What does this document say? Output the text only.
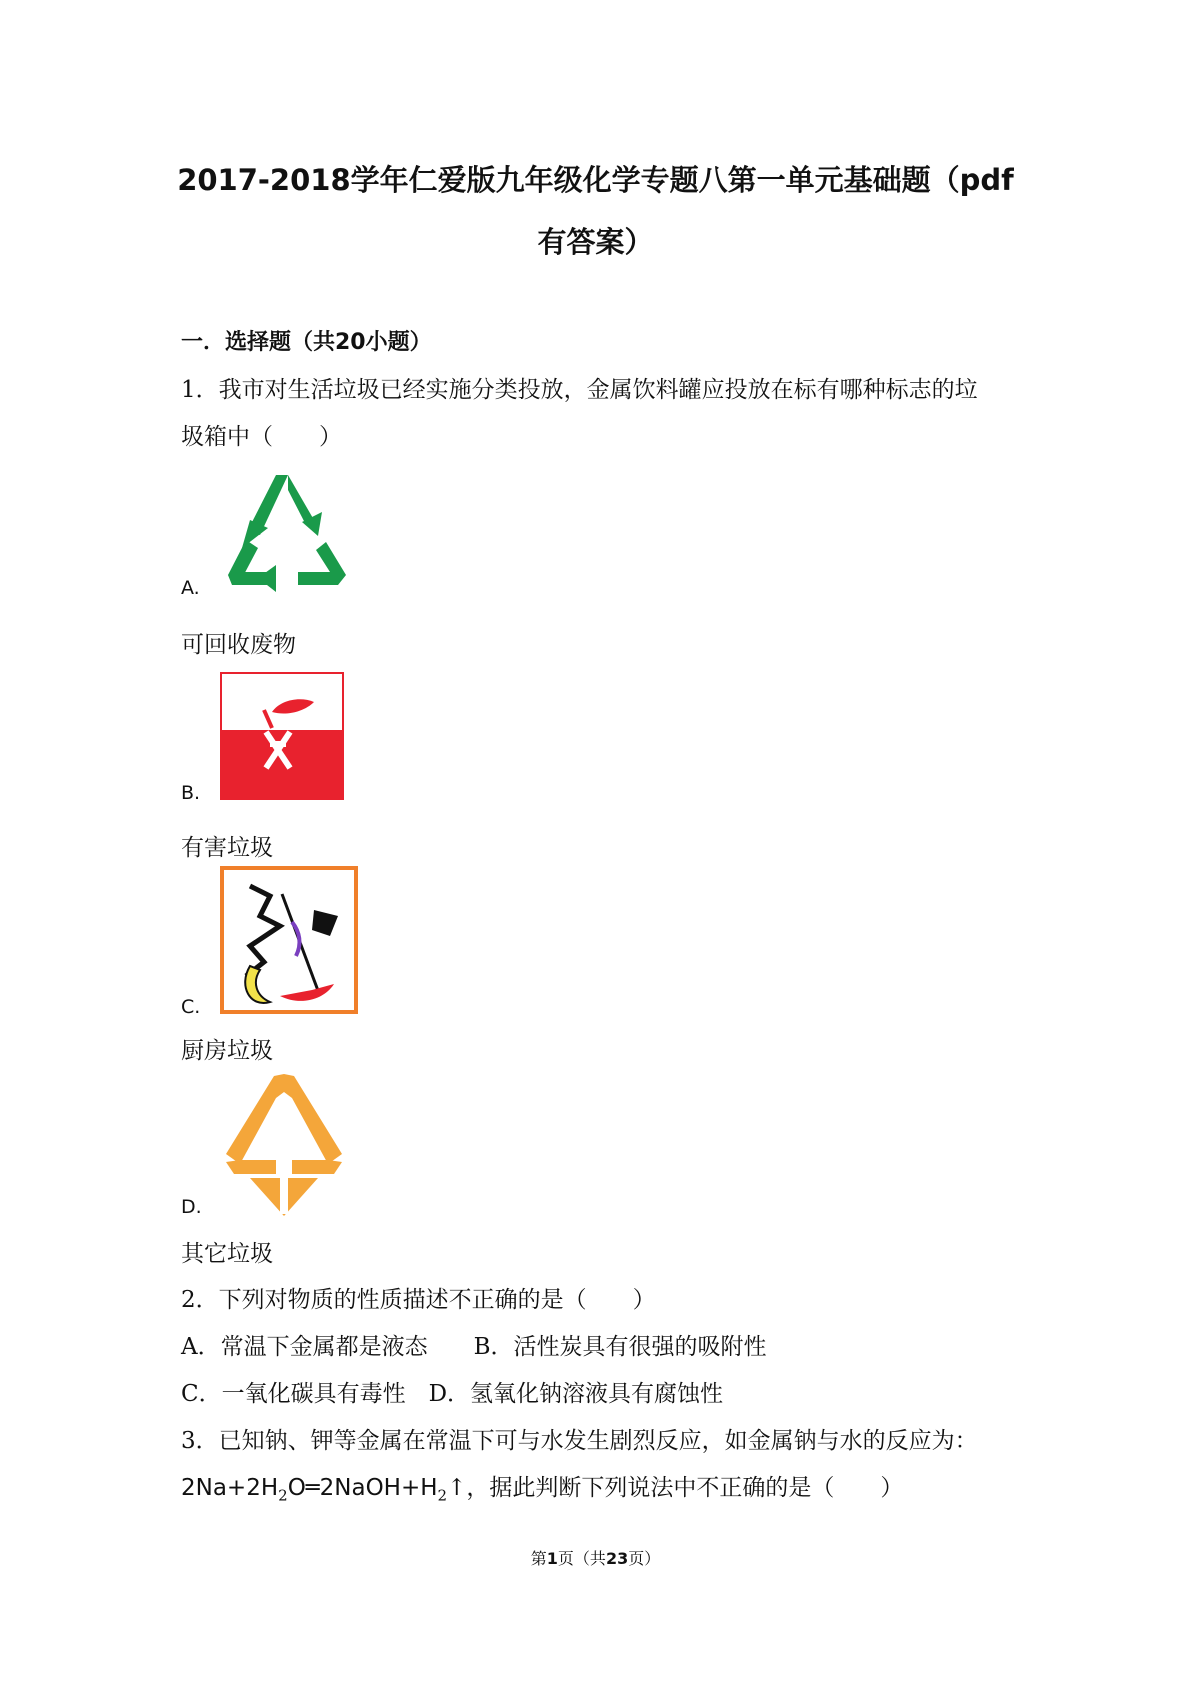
2017-2018学年仁爱版九年级化学专题八第一单元基础题（pdf
有答案）
一．选择题（共20小题）
1．我市对生活垃圾已经实施分类投放，金属饮料罐应投放在标有哪种标志的垃
圾箱中（　　）
A.
可回收废物
B.
有害垃圾
C.
厨房垃圾
D.
其它垃圾
2．下列对物质的性质描述不正确的是（　　）
A．常温下金属都是液态　　B．活性炭具有很强的吸附性
C．一氧化碳具有毒性　D．氢氧化钠溶液具有腐蚀性
3．已知钠、钾等金属在常温下可与水发生剧烈反应，如金属钠与水的反应为：
$2Na+2H_2O═2NaOH+H_2↑$，据此判断下列说法中不正确的是（　　）
第1页（共23页）
